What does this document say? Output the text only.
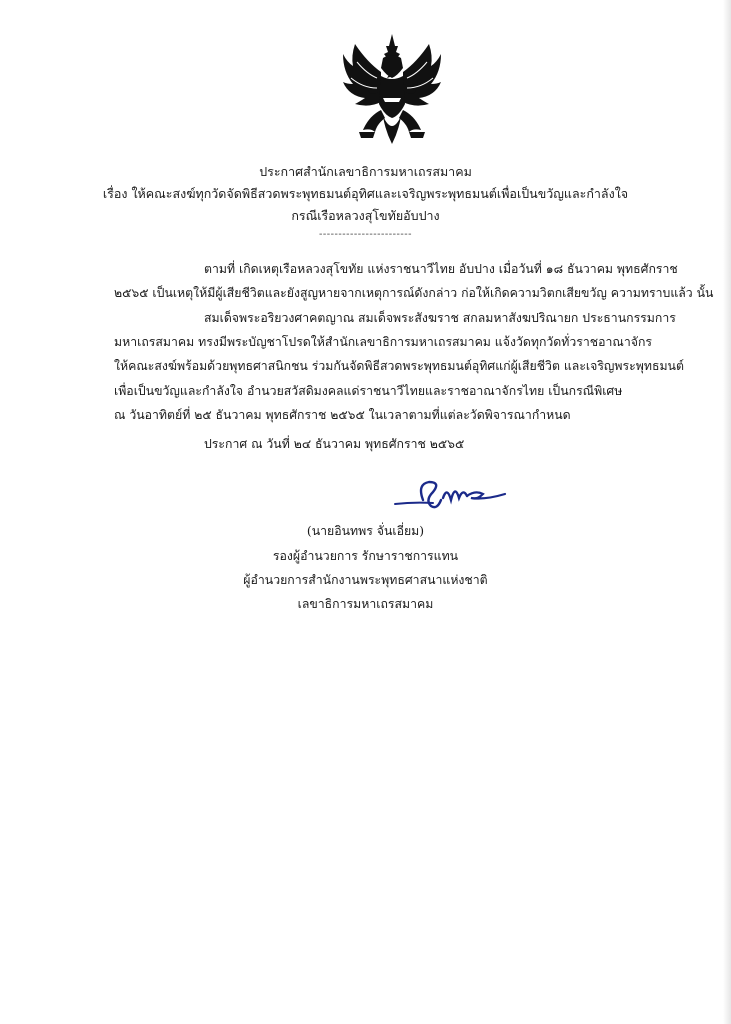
ประกาศสำนักเลขาธิการมหาเถรสมาคม
เรื่อง ให้คณะสงฆ์ทุกวัดจัดพิธีสวดพระพุทธมนต์อุทิศและเจริญพระพุทธมนต์เพื่อเป็นขวัญและกำลังใจ
กรณีเรือหลวงสุโขทัยอับปาง
------------------------
ตามที่ เกิดเหตุเรือหลวงสุโขทัย แห่งราชนาวีไทย อับปาง เมื่อวันที่ ๑๘ ธันวาคม พุทธศักราช
๒๕๖๕ เป็นเหตุให้มีผู้เสียชีวิตและยังสูญหายจากเหตุการณ์ดังกล่าว ก่อให้เกิดความวิตกเสียขวัญ ความทราบแล้ว นั้น
สมเด็จพระอริยวงศาคตญาณ สมเด็จพระสังฆราช สกลมหาสังฆปริณายก ประธานกรรมการ
มหาเถรสมาคม ทรงมีพระบัญชาโปรดให้สำนักเลขาธิการมหาเถรสมาคม แจ้งวัดทุกวัดทั่วราชอาณาจักร
ให้คณะสงฆ์พร้อมด้วยพุทธศาสนิกชน ร่วมกันจัดพิธีสวดพระพุทธมนต์อุทิศแก่ผู้เสียชีวิต และเจริญพระพุทธมนต์
เพื่อเป็นขวัญและกำลังใจ อำนวยสวัสดิมงคลแด่ราชนาวีไทยและราชอาณาจักรไทย เป็นกรณีพิเศษ
ณ วันอาทิตย์ที่ ๒๕ ธันวาคม พุทธศักราช ๒๕๖๕ ในเวลาตามที่แต่ละวัดพิจารณากำหนด
ประกาศ ณ วันที่ ๒๔ ธันวาคม พุทธศักราช ๒๕๖๕
(นายอินทพร จั่นเอี่ยม)
รองผู้อำนวยการ รักษาราชการแทน
ผู้อำนวยการสำนักงานพระพุทธศาสนาแห่งชาติ
เลขาธิการมหาเถรสมาคม
